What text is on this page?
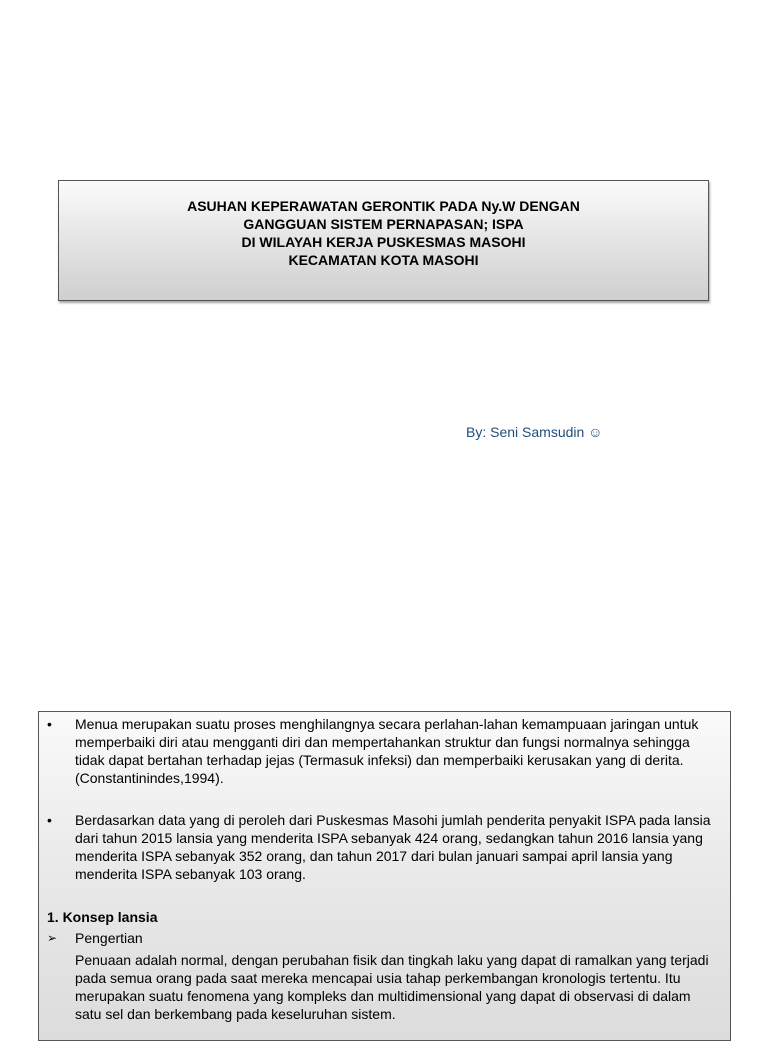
ASUHAN KEPERAWATAN GERONTIK PADA Ny.W DENGAN
GANGGUAN SISTEM PERNAPASAN; ISPA
DI WILAYAH KERJA PUSKESMAS MASOHI
KECAMATAN KOTA MASOHI
By: Seni Samsudin ☺
•	Menua merupakan suatu proses menghilangnya secara perlahan-lahan kemampuaan jaringan untuk memperbaiki diri atau mengganti diri dan mempertahankan struktur dan fungsi normalnya sehingga tidak dapat bertahan terhadap jejas (Termasuk infeksi) dan memperbaiki kerusakan yang di derita. (Constantinindes,1994).
•	Berdasarkan data yang di peroleh dari Puskesmas Masohi jumlah penderita penyakit ISPA pada lansia dari tahun 2015 lansia yang menderita ISPA sebanyak 424 orang, sedangkan tahun 2016 lansia yang menderita ISPA sebanyak 352 orang, dan tahun 2017 dari bulan januari sampai april lansia yang menderita ISPA sebanyak 103 orang.
1. Konsep lansia
➢ Pengertian
Penuaan adalah normal, dengan perubahan fisik dan tingkah laku yang dapat di ramalkan yang terjadi pada semua orang pada saat mereka mencapai usia tahap perkembangan kronologis tertentu. Itu merupakan suatu fenomena yang kompleks dan multidimensional yang dapat di observasi di dalam satu sel dan berkembang pada keseluruhan sistem.
